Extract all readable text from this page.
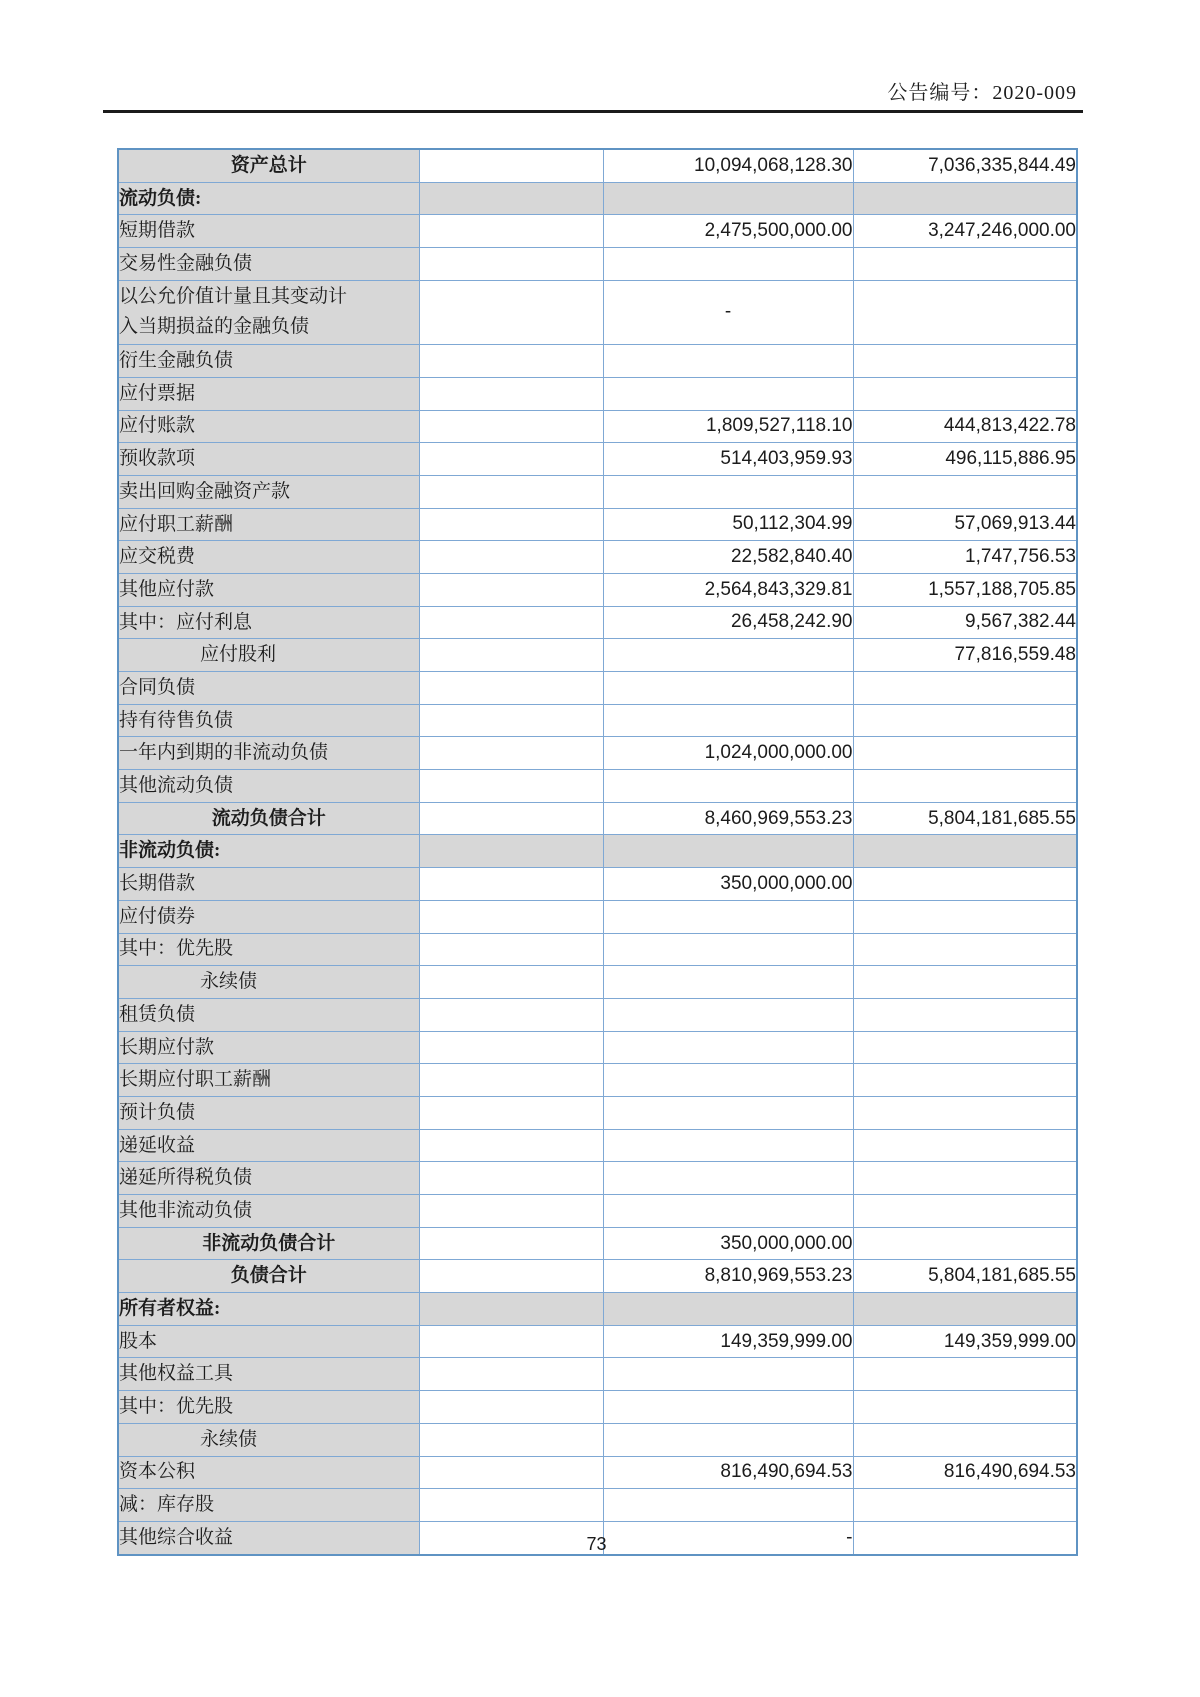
公告编号：2020-009
资产总计		10,094,068,128.30	7,036,335,844.49
流动负债:			
短期借款		2,475,500,000.00	3,247,246,000.00
交易性金融负债			
以公允价值计量且其变动计入当期损益的金融负债		-	
衍生金融负债			
应付票据			
应付账款		1,809,527,118.10	444,813,422.78
预收款项		514,403,959.93	496,115,886.95
卖出回购金融资产款			
应付职工薪酬		50,112,304.99	57,069,913.44
应交税费		22,582,840.40	1,747,756.53
其他应付款		2,564,843,329.81	1,557,188,705.85
其中：应付利息		26,458,242.90	9,567,382.44
应付股利			77,816,559.48
合同负债			
持有待售负债			
一年内到期的非流动负债		1,024,000,000.00	
其他流动负债			
流动负债合计		8,460,969,553.23	5,804,181,685.55
非流动负债:			
长期借款		350,000,000.00	
应付债券			
其中：优先股			
永续债			
租赁负债			
长期应付款			
长期应付职工薪酬			
预计负债			
递延收益			
递延所得税负债			
其他非流动负债			
非流动负债合计		350,000,000.00	
负债合计		8,810,969,553.23	5,804,181,685.55
所有者权益:			
股本		149,359,999.00	149,359,999.00
其他权益工具			
其中：优先股			
永续债			
资本公积		816,490,694.53	816,490,694.53
减：库存股			
其他综合收益		-	
73
